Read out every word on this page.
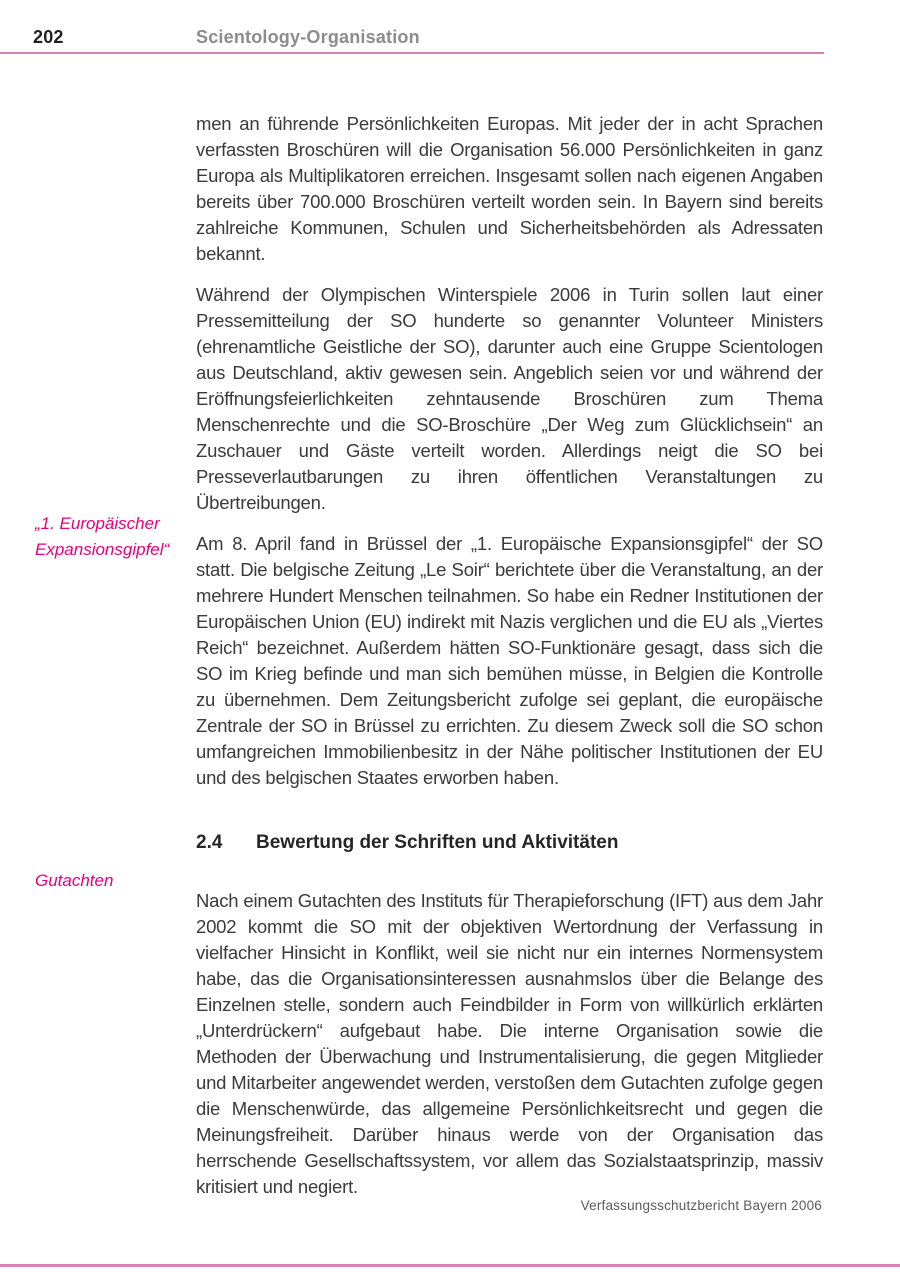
202	Scientology-Organisation
„1. Europäischer Expansionsgipfel“
Gutachten

men an führende Persönlichkeiten Europas. Mit jeder der in acht Sprachen verfassten Broschüren will die Organisation 56.000 Persönlichkeiten in ganz Europa als Multiplikatoren erreichen. Insgesamt sollen nach eigenen Angaben bereits über 700.000 Broschüren verteilt worden sein. In Bayern sind bereits zahlreiche Kommunen, Schulen und Sicherheitsbehörden als Adressaten bekannt.

Während der Olympischen Winterspiele 2006 in Turin sollen laut einer Pressemitteilung der SO hunderte so genannter Volunteer Ministers (ehrenamtliche Geistliche der SO), darunter auch eine Gruppe Scientologen aus Deutschland, aktiv gewesen sein. Angeblich seien vor und während der Eröffnungsfeierlichkeiten zehntausende Broschüren zum Thema Menschenrechte und die SO-Broschüre „Der Weg zum Glücklichsein“ an Zuschauer und Gäste verteilt worden. Allerdings neigt die SO bei Presseverlautbarungen zu ihren öffentlichen Veranstaltungen zu Übertreibungen.

Am 8. April fand in Brüssel der „1. Europäische Expansionsgipfel“ der SO statt. Die belgische Zeitung „Le Soir“ berichtete über die Veranstaltung, an der mehrere Hundert Menschen teilnahmen. So habe ein Redner Institutionen der Europäischen Union (EU) indirekt mit Nazis verglichen und die EU als „Viertes Reich“ bezeichnet. Außerdem hätten SO-Funktionäre gesagt, dass sich die SO im Krieg befinde und man sich bemühen müsse, in Belgien die Kontrolle zu übernehmen. Dem Zeitungsbericht zufolge sei geplant, die europäische Zentrale der SO in Brüssel zu errichten. Zu diesem Zweck soll die SO schon umfangreichen Immobilienbesitz in der Nähe politischer Institutionen der EU und des belgischen Staates erworben haben.

2.4	Bewertung der Schriften und Aktivitäten

Nach einem Gutachten des Instituts für Therapieforschung (IFT) aus dem Jahr 2002 kommt die SO mit der objektiven Wertordnung der Verfassung in vielfacher Hinsicht in Konflikt, weil sie nicht nur ein internes Normensystem habe, das die Organisationsinteressen ausnahmslos über die Belange des Einzelnen stelle, sondern auch Feindbilder in Form von willkürlich erklärten „Unterdrückern“ aufgebaut habe. Die interne Organisation sowie die Methoden der Überwachung und Instrumentalisierung, die gegen Mitglieder und Mitarbeiter angewendet werden, verstoßen dem Gutachten zufolge gegen die Menschenwürde, das allgemeine Persönlichkeitsrecht und gegen die Meinungsfreiheit. Darüber hinaus werde von der Organisation das herrschende Gesellschaftssystem, vor allem das Sozialstaatsprinzip, massiv kritisiert und negiert.

Verfassungsschutzbericht Bayern 2006
